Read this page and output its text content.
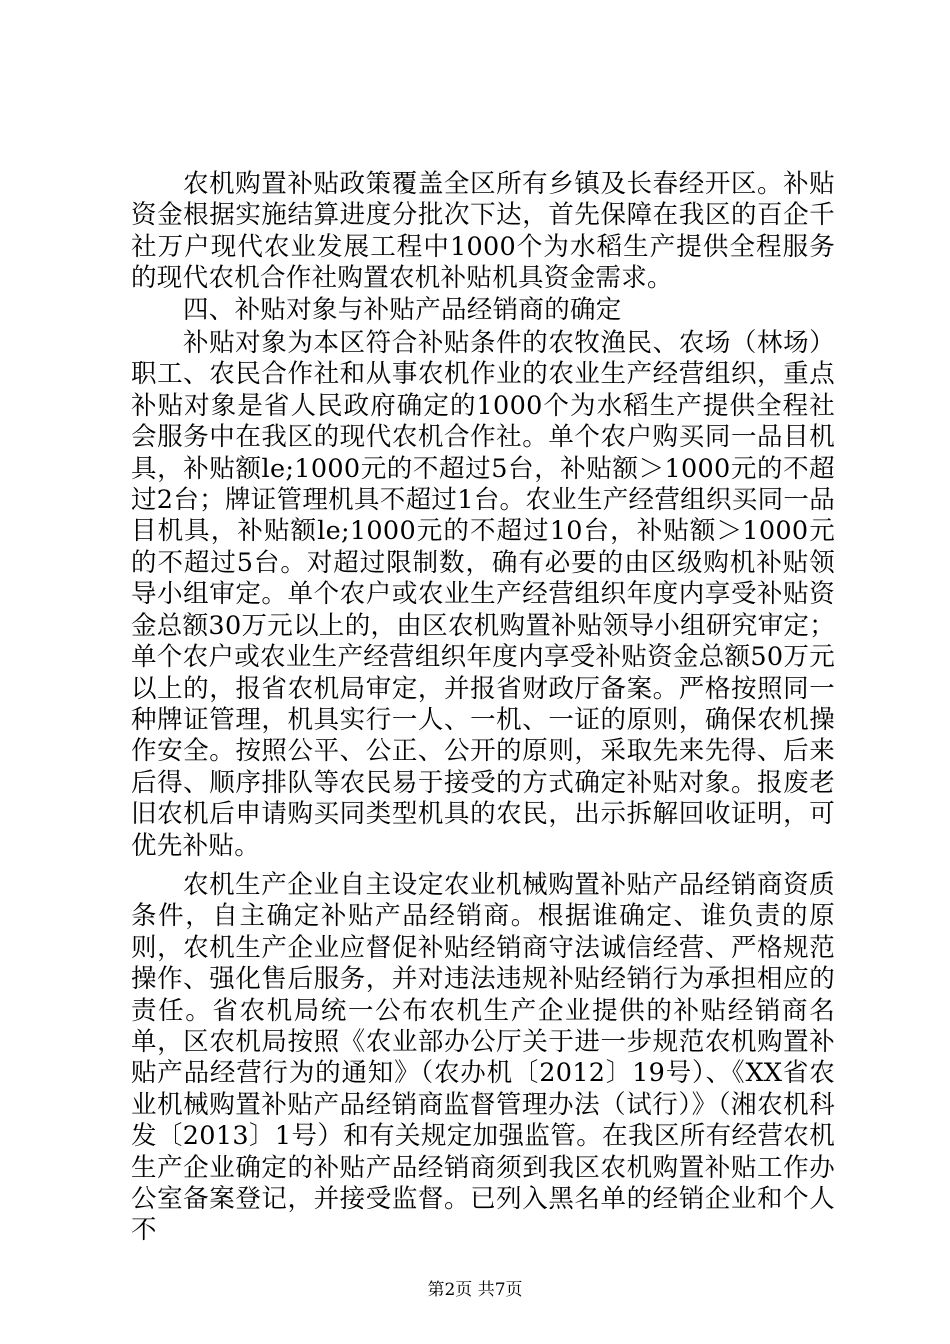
农机购置补贴政策覆盖全区所有乡镇及长春经开区。补贴资金根据实施结算进度分批次下达，首先保障在我区的百企千社万户现代农业发展工程中1000个为水稻生产提供全程服务的现代农机合作社购置农机补贴机具资金需求。

四、补贴对象与补贴产品经销商的确定

补贴对象为本区符合补贴条件的农牧渔民、农场（林场）职工、农民合作社和从事农机作业的农业生产经营组织，重点补贴对象是省人民政府确定的1000个为水稻生产提供全程社会服务中在我区的现代农机合作社。单个农户购买同一品目机具，补贴额le;1000元的不超过5台，补贴额＞1000元的不超过2台；牌证管理机具不超过1台。农业生产经营组织买同一品目机具，补贴额le;1000元的不超过10台，补贴额＞1000元的不超过5台。对超过限制数，确有必要的由区级购机补贴领导小组审定。单个农户或农业生产经营组织年度内享受补贴资金总额30万元以上的，由区农机购置补贴领导小组研究审定；单个农户或农业生产经营组织年度内享受补贴资金总额50万元以上的，报省农机局审定，并报省财政厅备案。严格按照同一种牌证管理，机具实行一人、一机、一证的原则，确保农机操作安全。按照公平、公正、公开的原则，采取先来先得、后来后得、顺序排队等农民易于接受的方式确定补贴对象。报废老旧农机后申请购买同类型机具的农民，出示拆解回收证明，可优先补贴。

农机生产企业自主设定农业机械购置补贴产品经销商资质条件，自主确定补贴产品经销商。根据谁确定、谁负责的原则，农机生产企业应督促补贴经销商守法诚信经营、严格规范操作、强化售后服务，并对违法违规补贴经销行为承担相应的责任。省农机局统一公布农机生产企业提供的补贴经销商名单，区农机局按照《农业部办公厅关于进一步规范农机购置补贴产品经营行为的通知》（农办机〔2012〕19号）、《XX省农业机械购置补贴产品经销商监督管理办法（试行）》（湘农机科发〔2013〕1号）和有关规定加强监管。在我区所有经营农机生产企业确定的补贴产品经销商须到我区农机购置补贴工作办公室备案登记，并接受监督。已列入黑名单的经销企业和个人不

第2页 共7页
